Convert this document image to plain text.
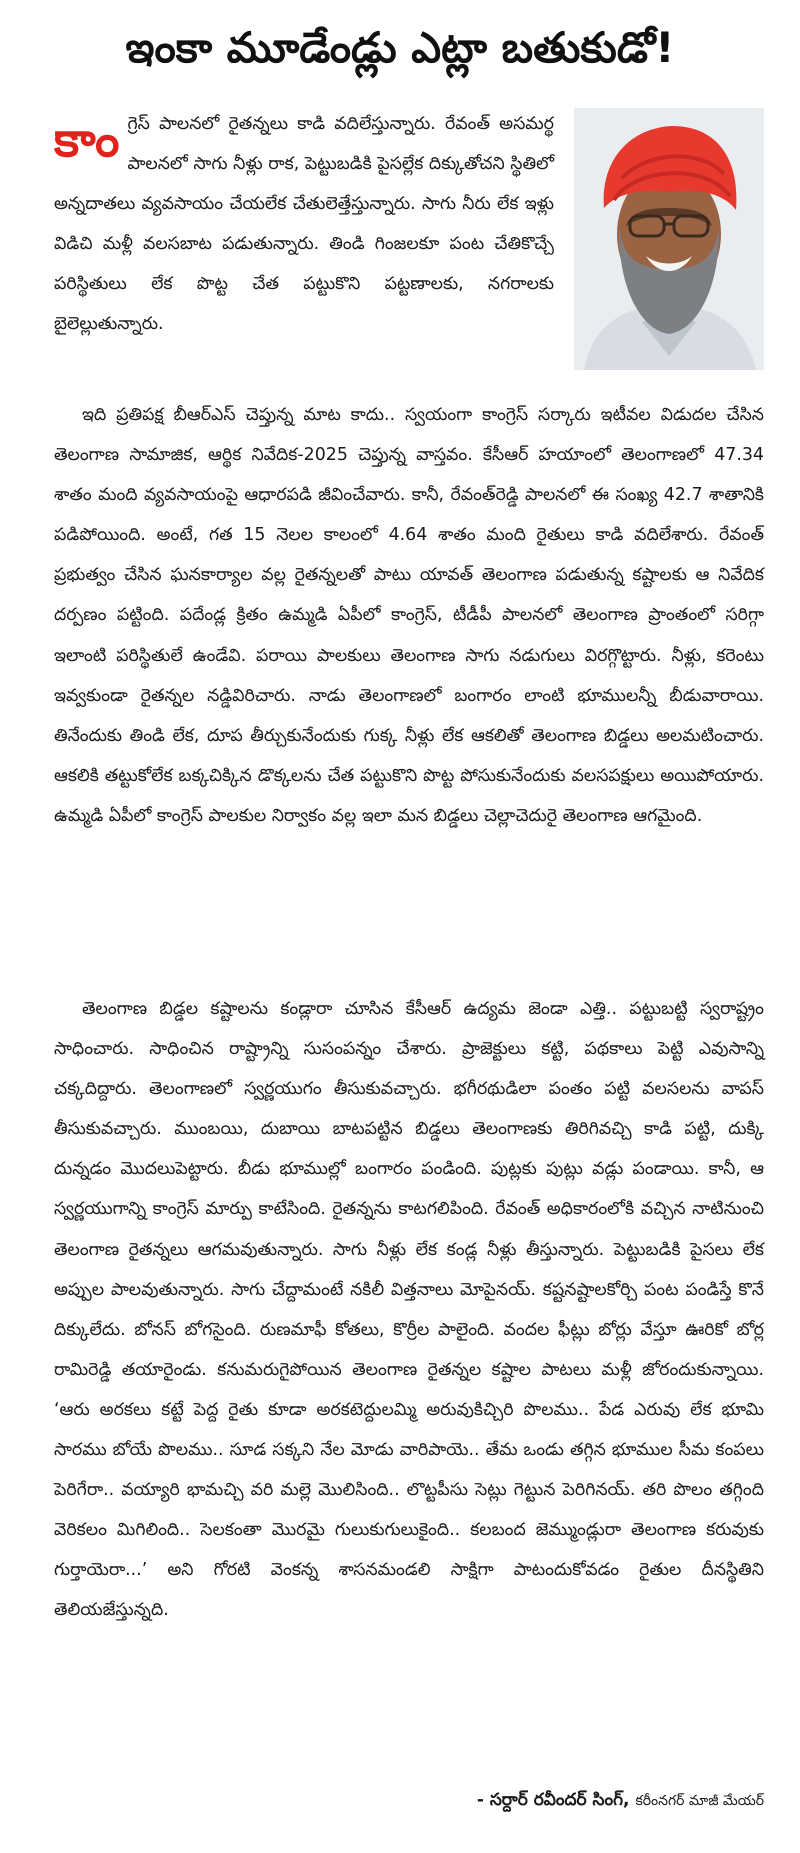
ఇంకా మూడేండ్లు ఎట్లా బతుకుడో!
కాంగ్రెస్ పాలనలో రైతన్నలు కాడి వదిలేస్తున్నారు. రేవంత్ అసమర్థ పాలనలో సాగు నీళ్లు రాక, పెట్టుబడికి పైసల్లేక దిక్కుతోచని స్థితిలో అన్నదాతలు వ్యవసాయం చేయలేక చేతులెత్తేస్తున్నారు. సాగు నీరు లేక ఇళ్లు విడిచి మళ్లీ వలసబాట పడుతున్నారు. తిండి గింజలకూ పంట చేతికొచ్చే పరిస్థితులు లేక పొట్ట చేత పట్టుకొని పట్టణాలకు, నగరాలకు బైలెల్లుతున్నారు.
ఇది ప్రతిపక్ష బీఆర్ఎస్ చెప్తున్న మాట కాదు.. స్వయంగా కాంగ్రెస్ సర్కారు ఇటీవల విడుదల చేసిన తెలంగాణ సామాజిక, ఆర్థిక నివేదిక-2025 చెప్తున్న వాస్తవం. కేసీఆర్ హయాంలో తెలంగాణలో 47.34 శాతం మంది వ్యవసాయంపై ఆధారపడి జీవించేవారు. కానీ, రేవంత్‌రెడ్డి పాలనలో ఈ సంఖ్య 42.7 శాతానికి పడిపోయింది. అంటే, గత 15 నెలల కాలంలో 4.64 శాతం మంది రైతులు కాడి వదిలేశారు. రేవంత్ ప్రభుత్వం చేసిన ఘనకార్యాల వల్ల రైతన్నలతో పాటు యావత్ తెలంగాణ పడుతున్న కష్టాలకు ఆ నివేదిక దర్పణం పట్టింది. పదేండ్ల క్రితం ఉమ్మడి ఏపీలో కాంగ్రెస్, టీడీపీ పాలనలో తెలంగాణ ప్రాంతంలో సరిగ్గా ఇలాంటి పరిస్థితులే ఉండేవి. పరాయి పాలకులు తెలంగాణ సాగు నడుగులు విరగ్గొట్టారు. నీళ్లు, కరెంటు ఇవ్వకుండా రైతన్నల నడ్డివిరిచారు. నాడు తెలంగాణలో బంగారం లాంటి భూములన్నీ బీడువారాయి. తినేందుకు తిండి లేక, దూప తీర్చుకునేందుకు గుక్క నీళ్లు లేక ఆకలితో తెలంగాణ బిడ్డలు అలమటించారు. ఆకలికి తట్టుకోలేక బక్కచిక్కిన డొక్కలను చేత పట్టుకొని పొట్ట పోసుకునేందుకు వలసపక్షులు అయిపోయారు. ఉమ్మడి ఏపీలో కాంగ్రెస్ పాలకుల నిర్వాకం వల్ల ఇలా మన బిడ్డలు చెల్లాచెదురై తెలంగాణ ఆగమైంది.
తెలంగాణ బిడ్డల కష్టాలను కండ్లారా చూసిన కేసీఆర్ ఉద్యమ జెండా ఎత్తి.. పట్టుబట్టి స్వరాష్ట్రం సాధించారు. సాధించిన రాష్ట్రాన్ని సుసంపన్నం చేశారు. ప్రాజెక్టులు కట్టి, పథకాలు పెట్టి ఎవుసాన్ని చక్కదిద్దారు. తెలంగాణలో స్వర్ణయుగం తీసుకువచ్చారు. భగీరథుడిలా పంతం పట్టి వలసలను వాపస్ తీసుకువచ్చారు. ముంబయి, దుబాయి బాటపట్టిన బిడ్డలు తెలంగాణకు తిరిగివచ్చి కాడి పట్టి, దుక్కి దున్నడం మొదలుపెట్టారు. బీడు భూముల్లో బంగారం పండింది. పుట్లకు పుట్లు వడ్లు పండాయి. కానీ, ఆ స్వర్ణయుగాన్ని కాంగ్రెస్ మార్పు కాటేసింది. రైతన్నను కాటగలిపింది. రేవంత్ అధికారంలోకి వచ్చిన నాటినుంచి తెలంగాణ రైతన్నలు ఆగమవుతున్నారు. సాగు నీళ్లు లేక కండ్ల నీళ్లు తీస్తున్నారు. పెట్టుబడికి పైసలు లేక అప్పుల పాలవుతున్నారు. సాగు చేద్దామంటే నకిలీ విత్తనాలు మోపైనయ్. కష్టనష్టాలకోర్చి పంట పండిస్తే కొనే దిక్కులేదు. బోనస్ బోగసైంది. రుణమాఫీ కోతలు, కొర్రీల పాలైంది. వందల ఫీట్లు బోర్లు వేస్తూ ఊరికో బోర్ల రామిరెడ్డి తయారైండు. కనుమరుగైపోయిన తెలంగాణ రైతన్నల కష్టాల పాటలు మళ్లీ జోరందుకున్నాయి. ‘ఆరు అరకలు కట్టే పెద్ద రైతు కూడా అరకటెద్దులమ్మి అరువుకిచ్చిరి పొలము.. పేడ ఎరువు లేక భూమి సారము బోయే పొలము.. సూడ సక్కని నేల మోడు వారిపాయె.. తేమ ఒండు తగ్గిన భూముల సీమ కంపలు పెరిగేరా.. వయ్యారి భామచ్చి వరి మల్లె మొలిసింది.. లొట్టపీసు సెట్లు గెట్టున పెరిగినయ్. తరి పొలం తగ్గింది వెరికలం మిగిలింది.. సెలకంతా మొరమై గులుకుగులుకైంది.. కలబంద జెమ్ముండ్లురా తెలంగాణ కరువుకు గుర్తాయెరా...’ అని గోరటి వెంకన్న శాసనమండలి సాక్షిగా పాటందుకోవడం రైతుల దీనస్థితిని తెలియజేస్తున్నది.
- సర్దార్ రవీందర్ సింగ్, కరీంనగర్ మాజీ మేయర్
